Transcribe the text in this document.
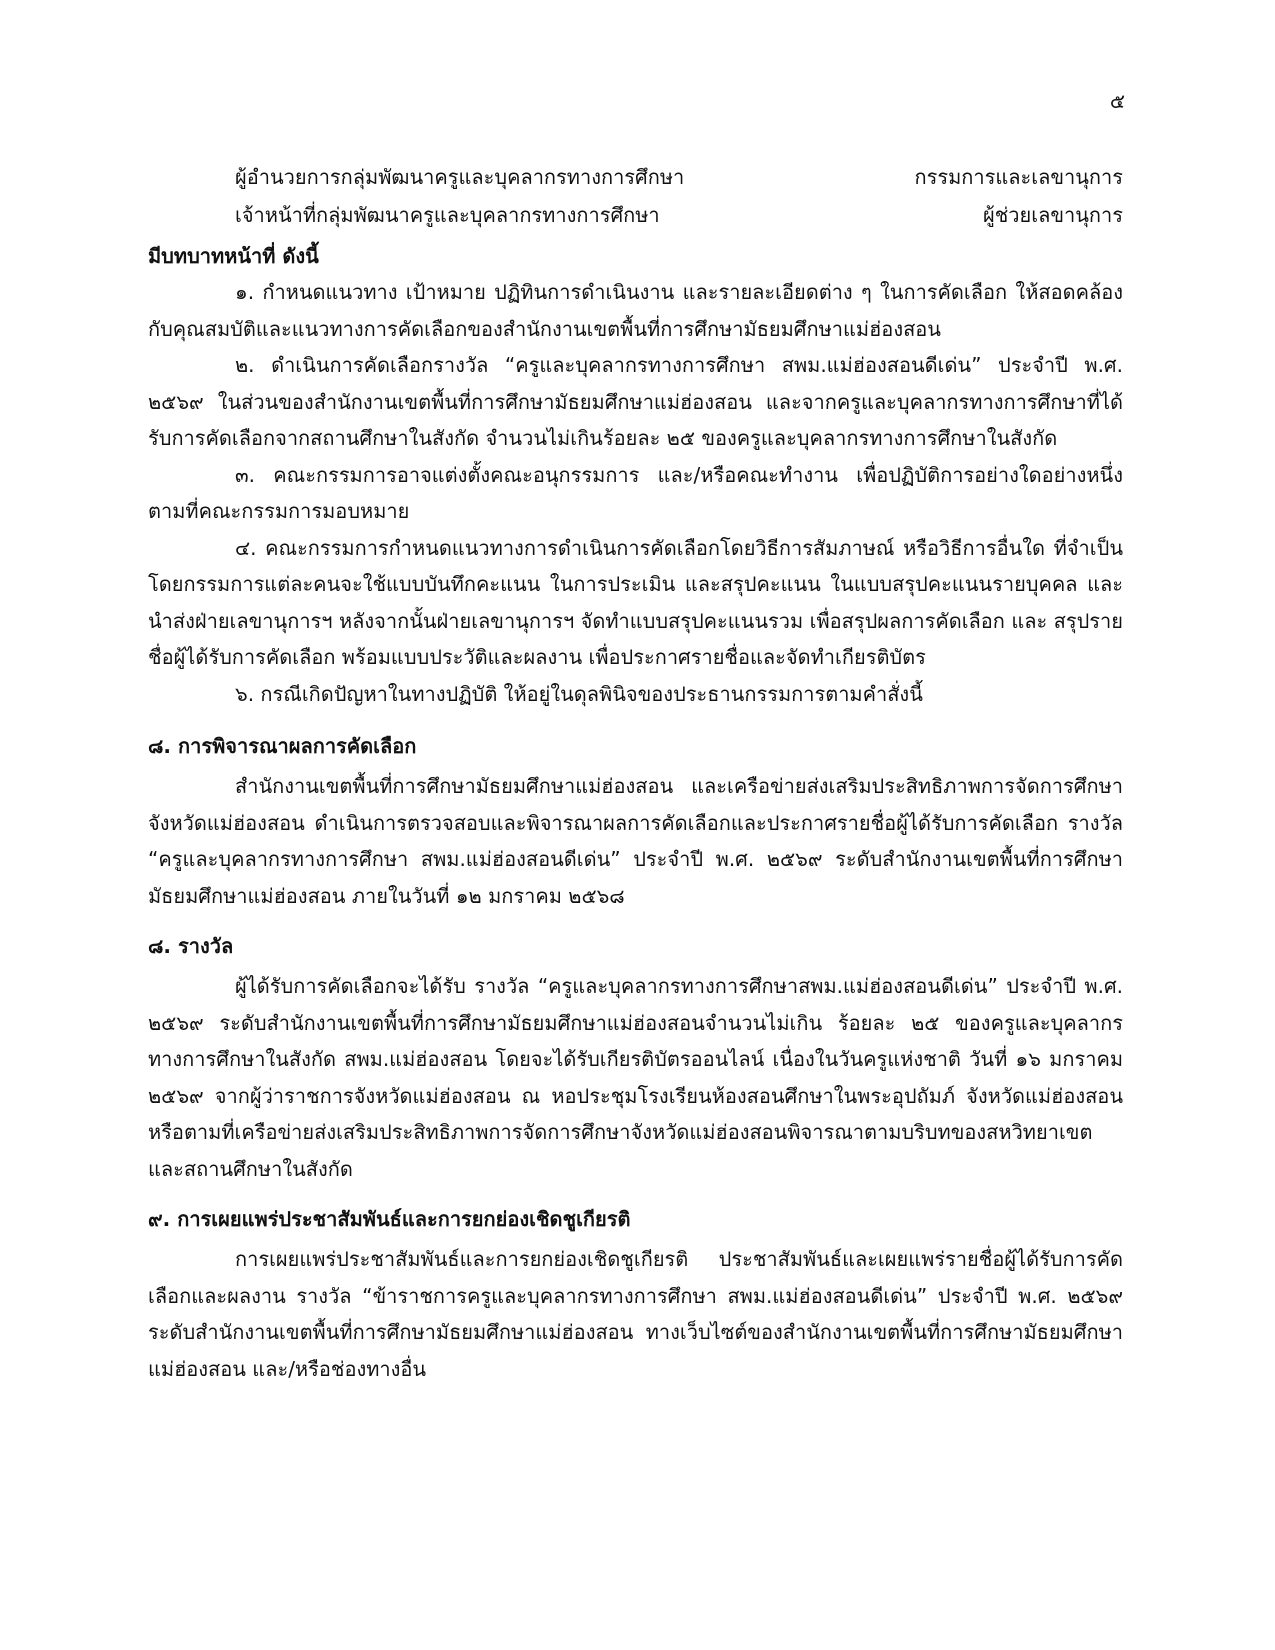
๕
ผู้อำนวยการกลุ่มพัฒนาครูและบุคลากรทางการศึกษา	กรรมการและเลขานุการ
เจ้าหน้าที่กลุ่มพัฒนาครูและบุคลากรทางการศึกษา	ผู้ช่วยเลขานุการ

มีบทบาทหน้าที่ ดังนี้

๑. กำหนดแนวทาง เป้าหมาย ปฏิทินการดำเนินงาน และรายละเอียดต่าง ๆ ในการคัดเลือก ให้สอดคล้องกับคุณสมบัติและแนวทางการคัดเลือกของสำนักงานเขตพื้นที่การศึกษามัธยมศึกษาแม่ฮ่องสอน

๒. ดำเนินการคัดเลือกรางวัล “ครูและบุคลากรทางการศึกษา สพม.แม่ฮ่องสอนดีเด่น” ประจำปี พ.ศ. ๒๕๖๙ ในส่วนของสำนักงานเขตพื้นที่การศึกษามัธยมศึกษาแม่ฮ่องสอน และจากครูและบุคลากรทางการศึกษาที่ได้รับการคัดเลือกจากสถานศึกษาในสังกัด จำนวนไม่เกินร้อยละ ๒๕ ของครูและบุคลากรทางการศึกษาในสังกัด

๓. คณะกรรมการอาจแต่งตั้งคณะอนุกรรมการ และ/หรือคณะทำงาน เพื่อปฏิบัติการอย่างใดอย่างหนึ่ง ตามที่คณะกรรมการมอบหมาย

๔. คณะกรรมการกำหนดแนวทางการดำเนินการคัดเลือกโดยวิธีการสัมภาษณ์ หรือวิธีการอื่นใด ที่จำเป็น โดยกรรมการแต่ละคนจะใช้แบบบันทึกคะแนน ในการประเมิน และสรุปคะแนน ในแบบสรุปคะแนนรายบุคคล และนำส่งฝ่ายเลขานุการฯ หลังจากนั้นฝ่ายเลขานุการฯ จัดทำแบบสรุปคะแนนรวม เพื่อสรุปผลการคัดเลือก และ สรุปรายชื่อผู้ได้รับการคัดเลือก พร้อมแบบประวัติและผลงาน เพื่อประกาศรายชื่อและจัดทำเกียรติบัตร

๖. กรณีเกิดปัญหาในทางปฏิบัติ ให้อยู่ในดุลพินิจของประธานกรรมการตามคำสั่งนี้

๘. การพิจารณาผลการคัดเลือก

สำนักงานเขตพื้นที่การศึกษามัธยมศึกษาแม่ฮ่องสอน และเครือข่ายส่งเสริมประสิทธิภาพการจัดการศึกษาจังหวัดแม่ฮ่องสอน ดำเนินการตรวจสอบและพิจารณาผลการคัดเลือกและประกาศรายชื่อผู้ได้รับการคัดเลือก รางวัล “ครูและบุคลากรทางการศึกษา สพม.แม่ฮ่องสอนดีเด่น” ประจำปี พ.ศ. ๒๕๖๙ ระดับสำนักงานเขตพื้นที่การศึกษามัธยมศึกษาแม่ฮ่องสอน ภายในวันที่ ๑๒ มกราคม ๒๕๖๘

๘. รางวัล

ผู้ได้รับการคัดเลือกจะได้รับ รางวัล “ครูและบุคลากรทางการศึกษาสพม.แม่ฮ่องสอนดีเด่น” ประจำปี พ.ศ. ๒๕๖๙ ระดับสำนักงานเขตพื้นที่การศึกษามัธยมศึกษาแม่ฮ่องสอนจำนวนไม่เกิน ร้อยละ ๒๕ ของครูและบุคลากรทางการศึกษาในสังกัด สพม.แม่ฮ่องสอน โดยจะได้รับเกียรติบัตรออนไลน์ เนื่องในวันครูแห่งชาติ วันที่ ๑๖ มกราคม ๒๕๖๙ จากผู้ว่าราชการจังหวัดแม่ฮ่องสอน ณ หอประชุมโรงเรียนห้องสอนศึกษาในพระอุปถัมภ์ จังหวัดแม่ฮ่องสอน หรือตามที่เครือข่ายส่งเสริมประสิทธิภาพการจัดการศึกษาจังหวัดแม่ฮ่องสอนพิจารณาตามบริบทของสหวิทยาเขต และสถานศึกษาในสังกัด

๙. การเผยแพร่ประชาสัมพันธ์และการยกย่องเชิดชูเกียรติ

การเผยแพร่ประชาสัมพันธ์และการยกย่องเชิดชูเกียรติ ประชาสัมพันธ์และเผยแพร่รายชื่อผู้ได้รับการคัดเลือกและผลงาน รางวัล “ข้าราชการครูและบุคลากรทางการศึกษา สพม.แม่ฮ่องสอนดีเด่น” ประจำปี พ.ศ. ๒๕๖๙ ระดับสำนักงานเขตพื้นที่การศึกษามัธยมศึกษาแม่ฮ่องสอน ทางเว็บไซต์ของสำนักงานเขตพื้นที่การศึกษามัธยมศึกษาแม่ฮ่องสอน และ/หรือช่องทางอื่น
